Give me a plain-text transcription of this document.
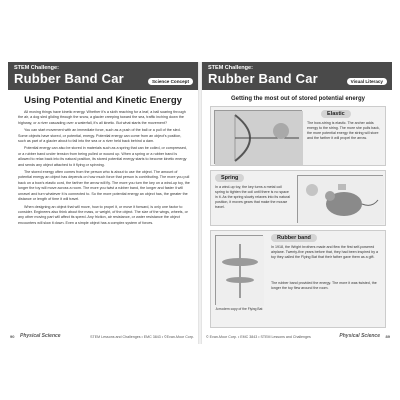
STEM Challenge:
Rubber Band Car	Science Concept
Using Potential and Kinetic Energy

All moving things have kinetic energy. Whether it's a sloth reaching for a leaf, a ball soaring through the air, a dog sled gliding through the snow, a glacier creeping toward the sea, traffic inching down the highway, or a river cascading over a waterfall, it's all kinetic. But what starts the movement?

You can start movement with an immediate force, such as a push of the ball or a pull of the sled. Some objects have stored, or potential, energy. Potential energy can come from an object's position, such as part of a glacier about to fall into the sea or a river held back behind a dam.

Potential energy can also be stored in materials such as a spring that can be coiled, or compressed, or a rubber band under tension from being pulled or wound up. When a spring or a rubber band is allowed to relax back into its natural position, its stored potential energy starts to become kinetic energy and sends any object attached to it flying or spinning.

The stored energy often comes from the person who is about to use the object. The amount of potential energy an object has depends on how much force that person is contributing. The more you pull back on a bow's elastic cord, the farther the arrow will fly. The more you turn the key on a wind-up toy, the longer the toy will move across a room. The more you twist a rubber band, the longer and faster it will unravel and turn whatever it is connected to. So the more potential energy an object has, the greater the distance or length of time it will travel.

When designing an object that will move, how to propel it, or move it forward, is only one factor to consider. Engineers also think about the mass, or weight, of the object. The size of the wings, wheels, or any other moving part will affect its speed. Any friction, air resistance, or water resistance the object encounters will slow it down. Even a simple object has a complex system of forces.

90 Physical Science	STEM Lessons and Challenges • EMC 3843 • ©Evan-Moor Corp.
STEM Challenge:
Rubber Band Car	Visual Literacy
Getting the most out of stored potential energy
Elastic
The bow-string is elastic. The archer adds energy to the string. The more she pulls back, the more potential energy the string will store and the farther it will propel the arrow.
Spring
In a wind-up toy, the key turns a metal coil spring to tighten the coil until there is no space in it. As the spring slowly relaxes into its natural position, it moves gears that make the mouse travel.
A modern copy of the Flying Bat
Rubber band
In 1918, the Wright brothers made and flew the first self-powered airplane. Twenty-five years before that, they had been inspired by a toy they called the Flying Bat that their father gave them as a gift.
The rubber band provided the energy. The more it was twisted, the longer the toy flew around the room.
© Evan-Moor Corp. • EMC 3843 • STEM Lessons and Challenges	Physical Science 89
